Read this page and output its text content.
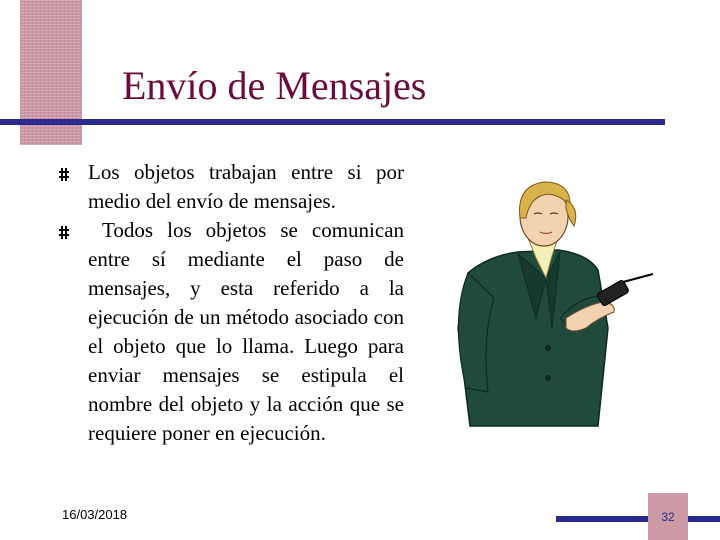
Envío de Mensajes
Los objetos trabajan entre si por medio del envío de mensajes.
Todos los objetos se comunican entre sí mediante el paso de mensajes, y esta referido a la ejecución de un método asociado con el objeto que lo llama. Luego para enviar mensajes se estipula el nombre del objeto y la acción que se requiere poner en ejecución.
16/03/2018	32
